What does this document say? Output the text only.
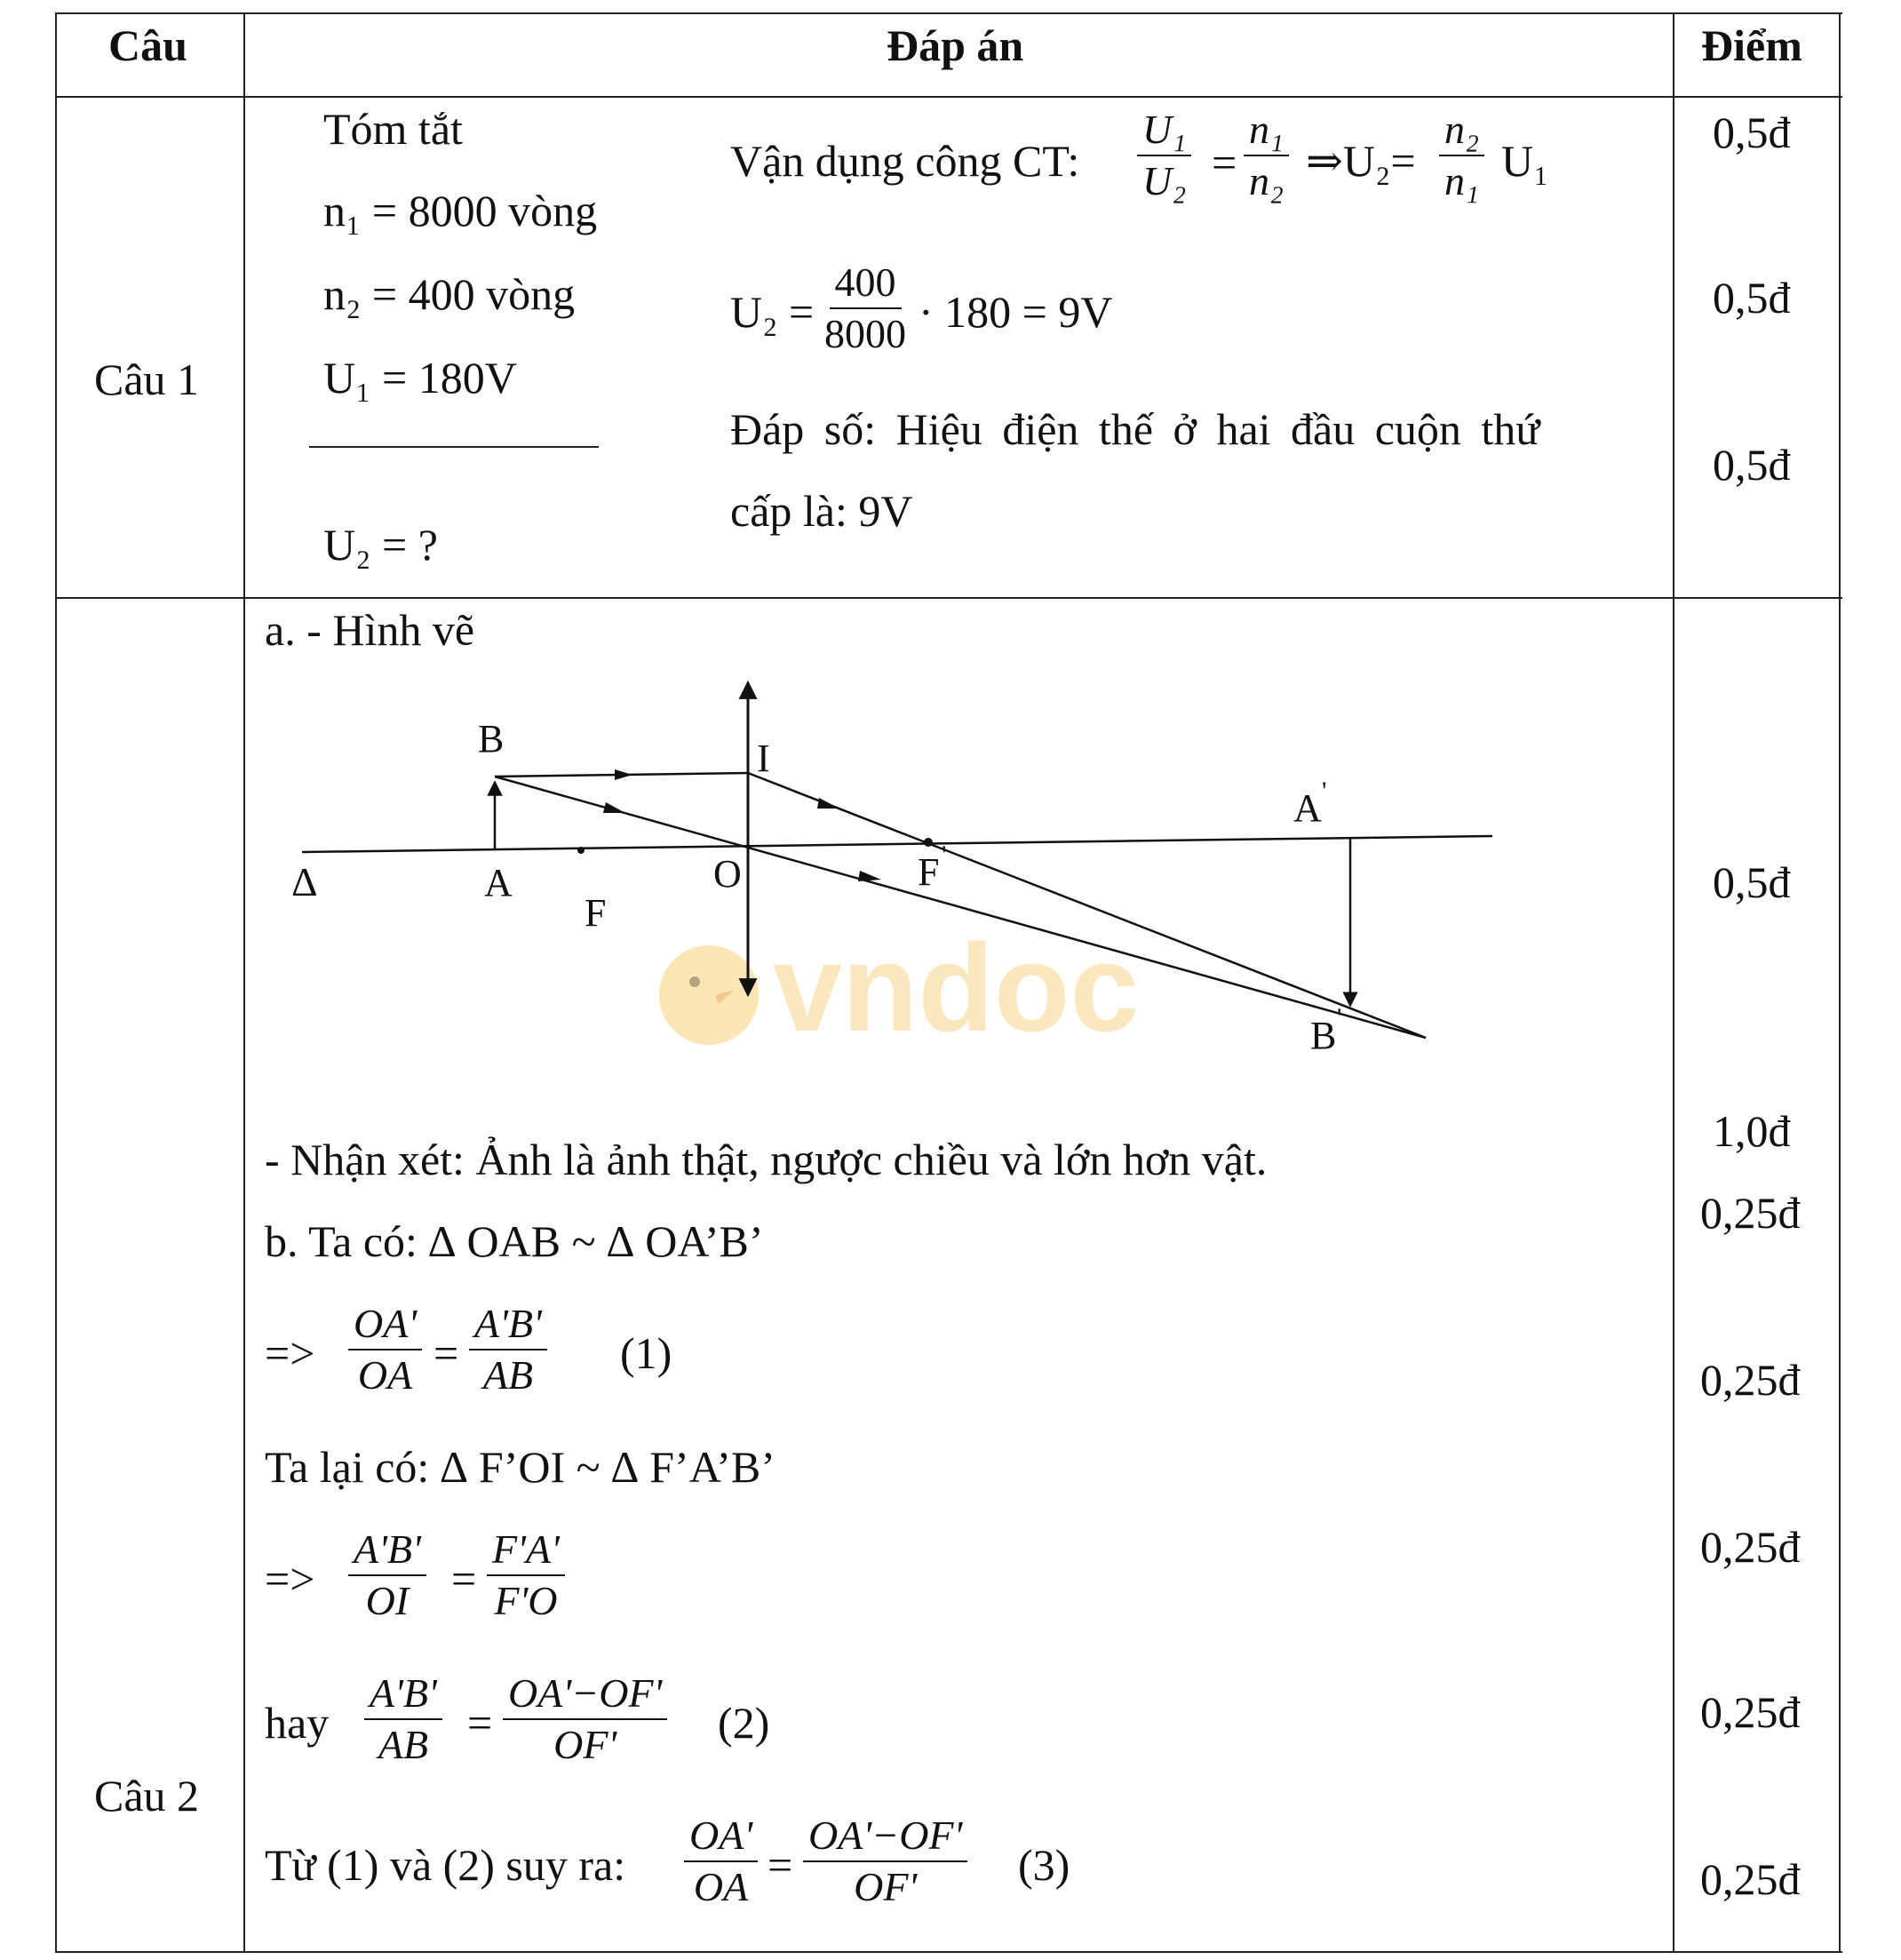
Câu	Đáp án	Điểm
Câu 1
Tóm tắt
n₁ = 8000 vòng
n₂ = 400 vòng
U₁ = 180V
U₂ = ?
Vận dụng công CT: $\frac{\text{U₁}}{\text{U₂}} = \frac{\text{n₁}}{\text{n₂}}$ ⇒U₂= $\frac{\text{n₂}}{\text{n₁}} U_1$
$U_2 = \frac{400}{8000} \cdot 180 = 9V$
Đáp số: Hiệu điện thế ở hai đầu cuộn thứ
cấp là: 9V
0,5đ
0,5đ
0,5đ
Câu 2
a. - Hình vẽ
vndoc
B
A
I
O
F
F '
A '
B '
Δ
- Nhận xét: Ảnh là ảnh thật, ngược chiều và lớn hơn vật.
b. Ta có: ∆ OAB ~ ∆ OA’B’
=> $\frac{OA'}{OA} = \frac{A'B'}{AB} (1)$
Ta lại có: ∆ F’OI ~ ∆ F’A’B’
=> $\frac{A'B'}{OI} = \frac{F'A'}{F'O}$
hay $\frac{A'B'}{AB} = \frac{OA'-OF'}{OF'} (2)$
Từ (1) và (2) suy ra: $\frac{OA'}{OA} = \frac{OA'-OF'}{OF'} (3)$
0,5đ
1,0đ
0,25đ
0,25đ
0,25đ
0,25đ
0,25đ
